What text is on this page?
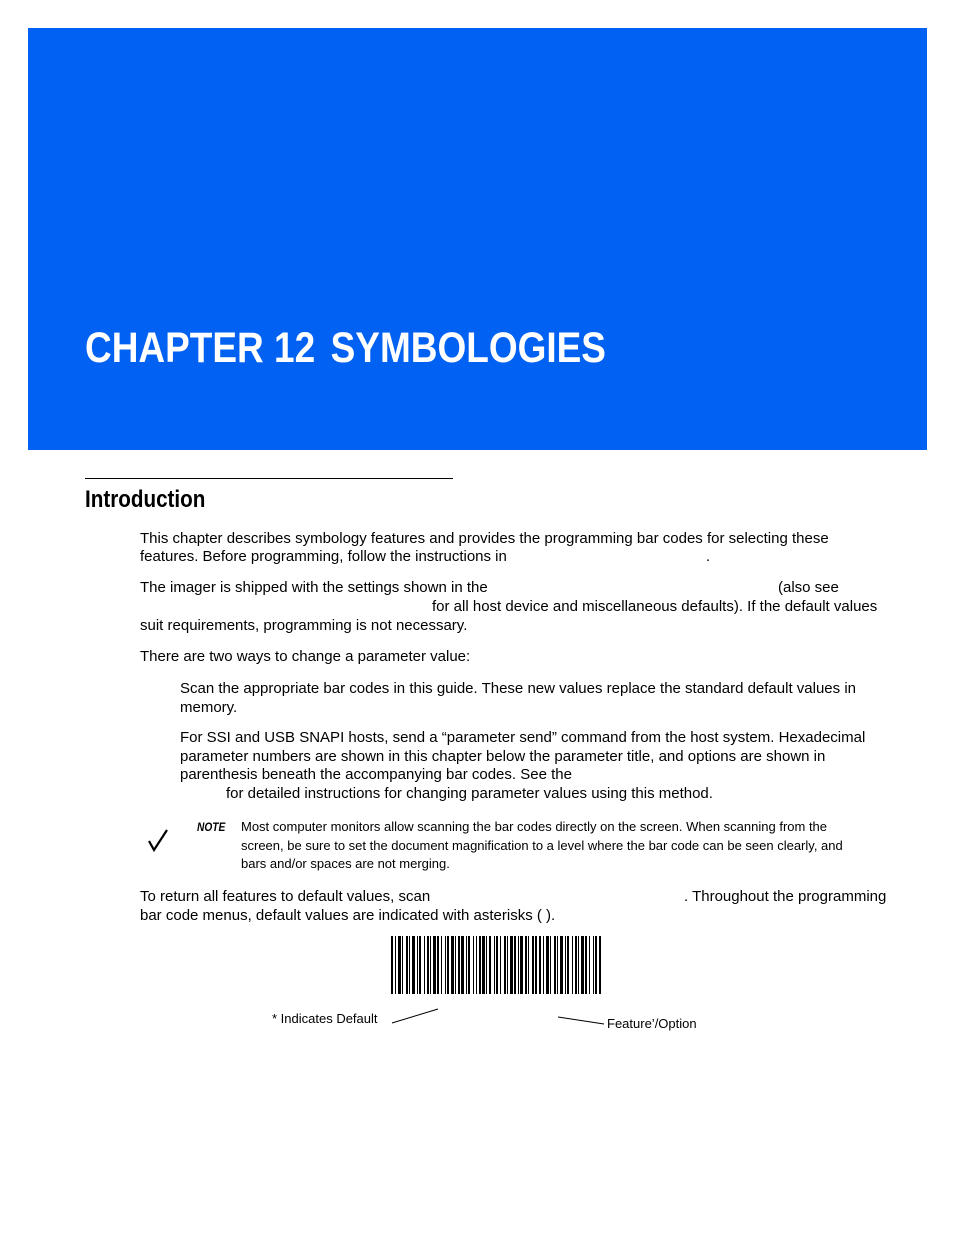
CHAPTER 12 SYMBOLOGIES
Introduction

This chapter describes symbology features and provides the programming bar codes for selecting these

features. Before programming, follow the instructions in	.

The imager is shipped with the settings shown in the	(also see

for all host device and miscellaneous defaults). If the default values

suit requirements, programming is not necessary.

There are two ways to change a parameter value:

Scan the appropriate bar codes in this guide. These new values replace the standard default values in

memory.

For SSI and USB SNAPI hosts, send a “parameter send” command from the host system. Hexadecimal

parameter numbers are shown in this chapter below the parameter title, and options are shown in

parenthesis beneath the accompanying bar codes. See the

for detailed instructions for changing parameter values using this method.

NOTE Most computer monitors allow scanning the bar codes directly on the screen. When scanning from the

screen, be sure to set the document magnification to a level where the bar code can be seen clearly, and

bars and/or spaces are not merging.

To return all features to default values, scan	. Throughout the programming

bar code menus, default values are indicated with asterisks ( ).

* Indicates Default	Feature’/Option
